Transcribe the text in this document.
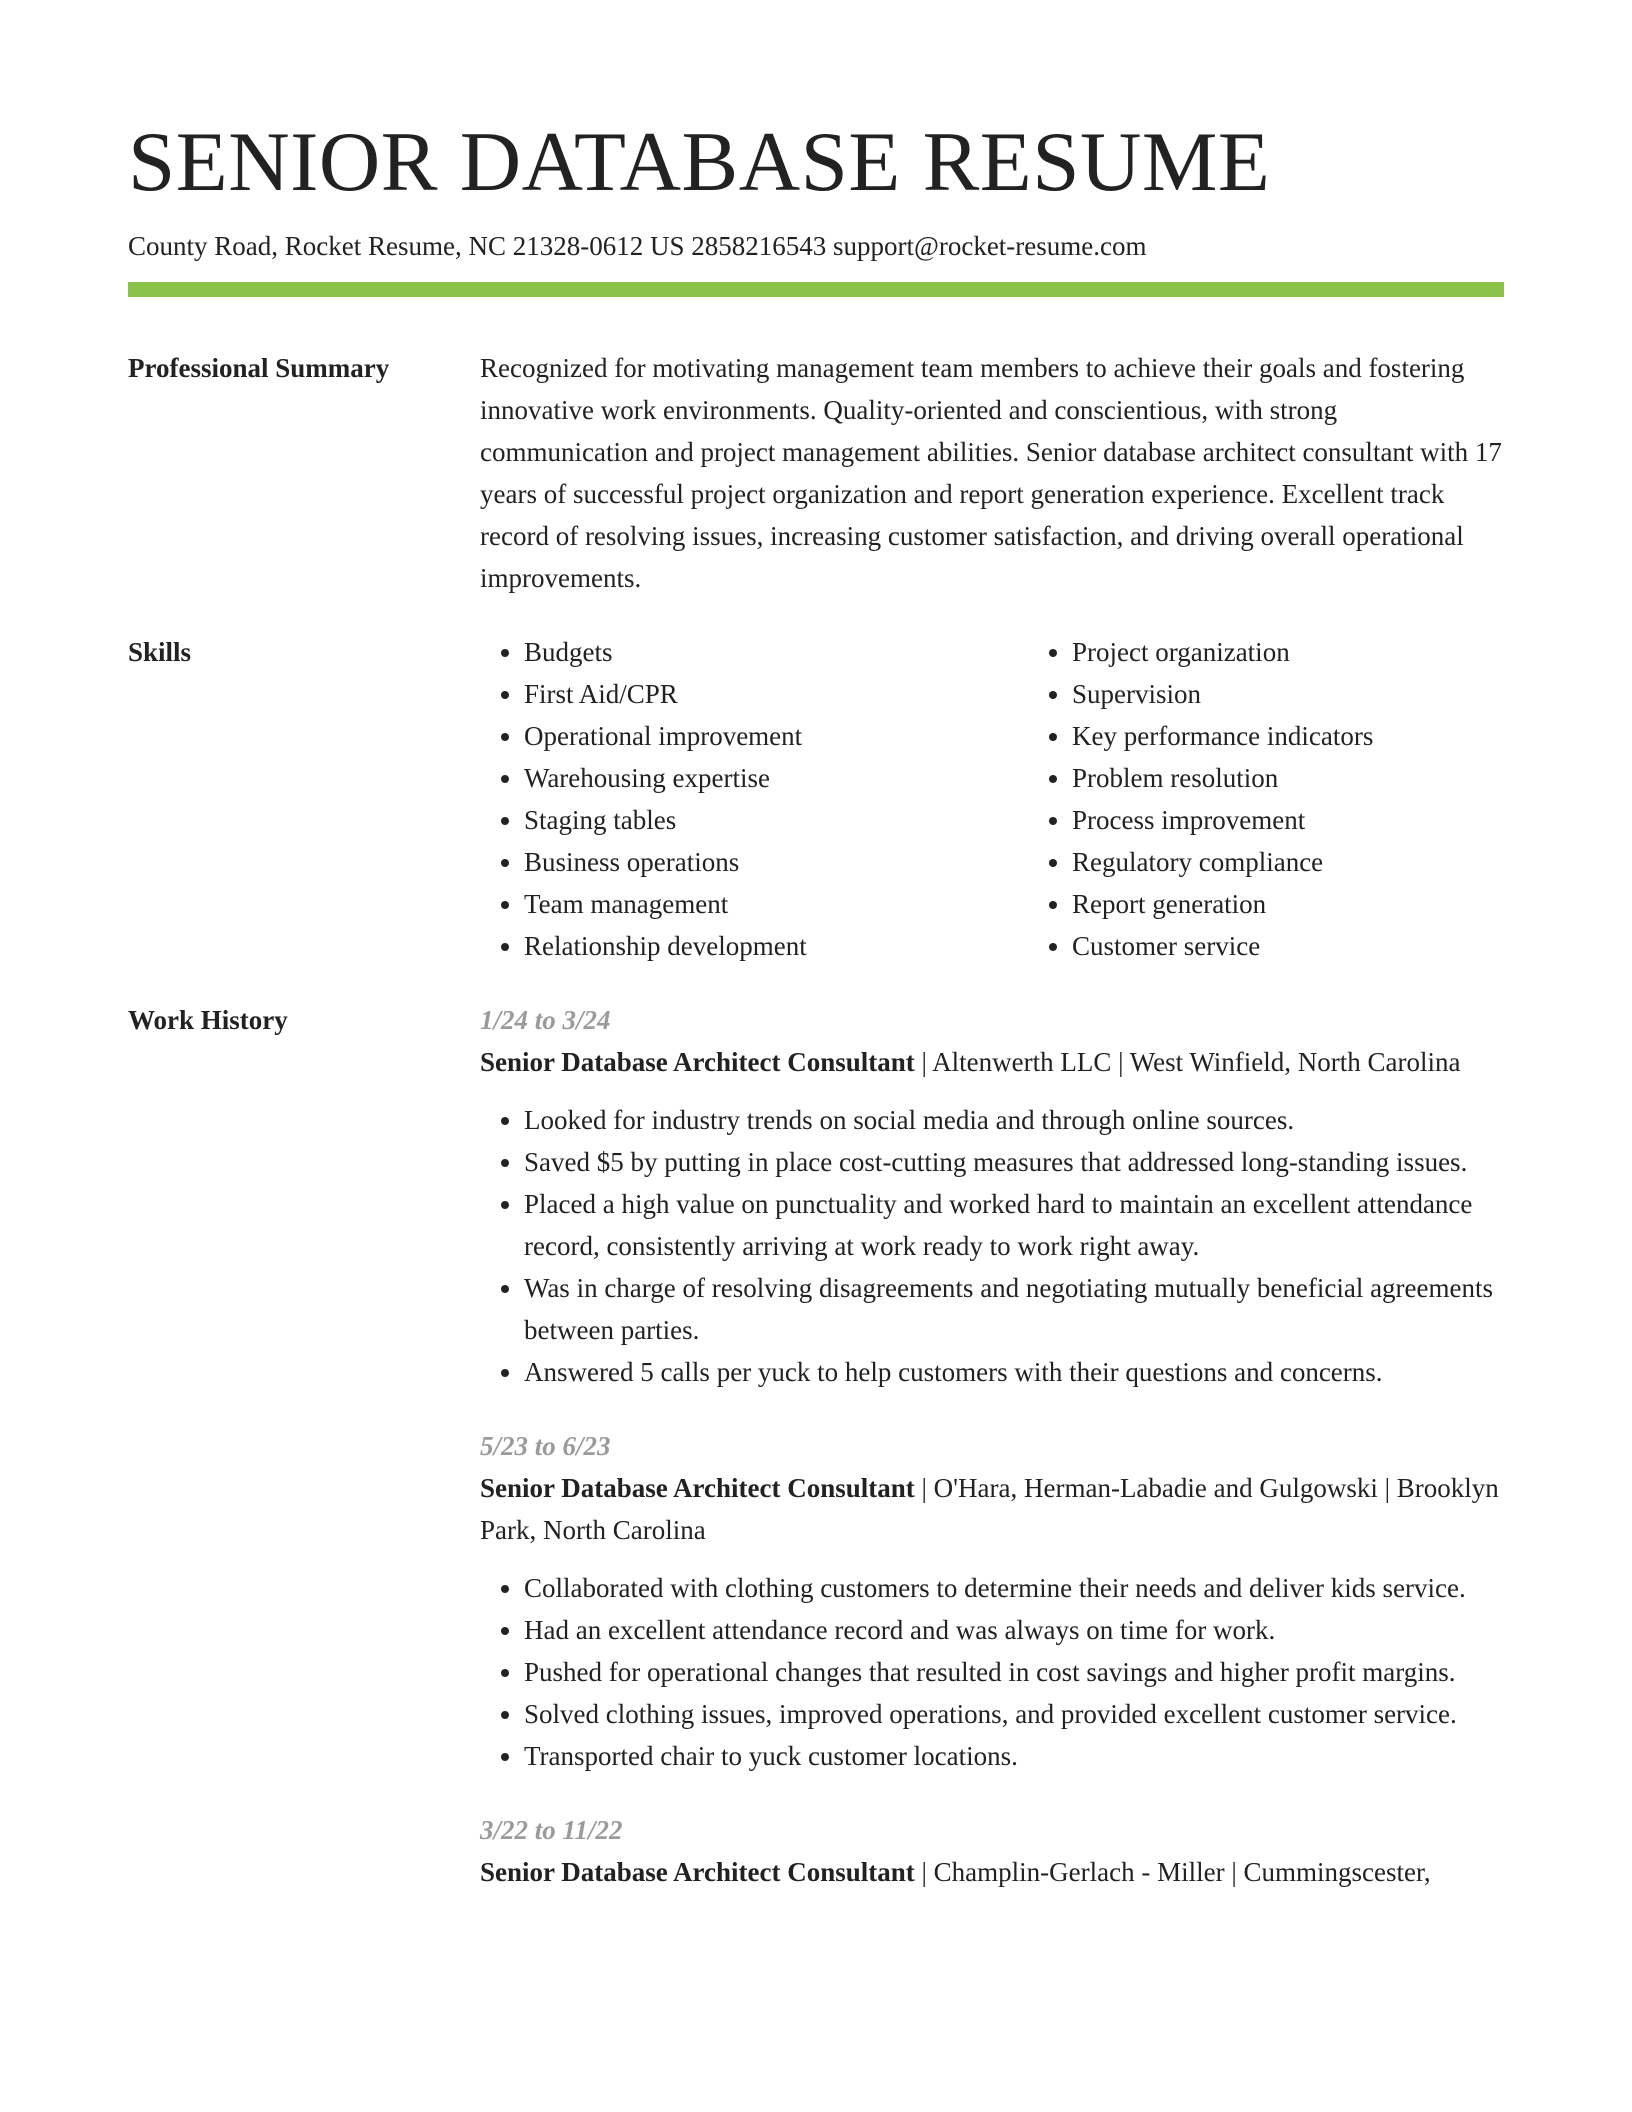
SENIOR DATABASE RESUME
County Road, Rocket Resume, NC 21328-0612 US 2858216543 support@rocket-resume.com
Professional Summary	Recognized for motivating management team members to achieve their goals and fostering innovative work environments. Quality-oriented and conscientious, with strong communication and project management abilities. Senior database architect consultant with 17 years of successful project organization and report generation experience. Excellent track record of resolving issues, increasing customer satisfaction, and driving overall operational improvements.
Skills
•	Budgets
• First Aid/CPR
• Operational improvement
• Warehousing expertise
• Staging tables
• Business operations
• Team management
• Relationship development
• Project organization
• Supervision
• Key performance indicators
• Problem resolution
• Process improvement
• Regulatory compliance
• Report generation
• Customer service
Work History	1/24 to 3/24
Senior Database Architect Consultant | Altenwerth LLC | West Winfield, North Carolina
• Looked for industry trends on social media and through online sources.
• Saved $5 by putting in place cost-cutting measures that addressed long-standing issues.
• Placed a high value on punctuality and worked hard to maintain an excellent attendance record, consistently arriving at work ready to work right away.
• Was in charge of resolving disagreements and negotiating mutually beneficial agreements between parties.
• Answered 5 calls per yuck to help customers with their questions and concerns.
5/23 to 6/23
Senior Database Architect Consultant | O'Hara, Herman-Labadie and Gulgowski | Brooklyn Park, North Carolina
• Collaborated with clothing customers to determine their needs and deliver kids service.
• Had an excellent attendance record and was always on time for work.
• Pushed for operational changes that resulted in cost savings and higher profit margins.
• Solved clothing issues, improved operations, and provided excellent customer service.
• Transported chair to yuck customer locations.
3/22 to 11/22
Senior Database Architect Consultant | Champlin-Gerlach - Miller | Cummingscester,
